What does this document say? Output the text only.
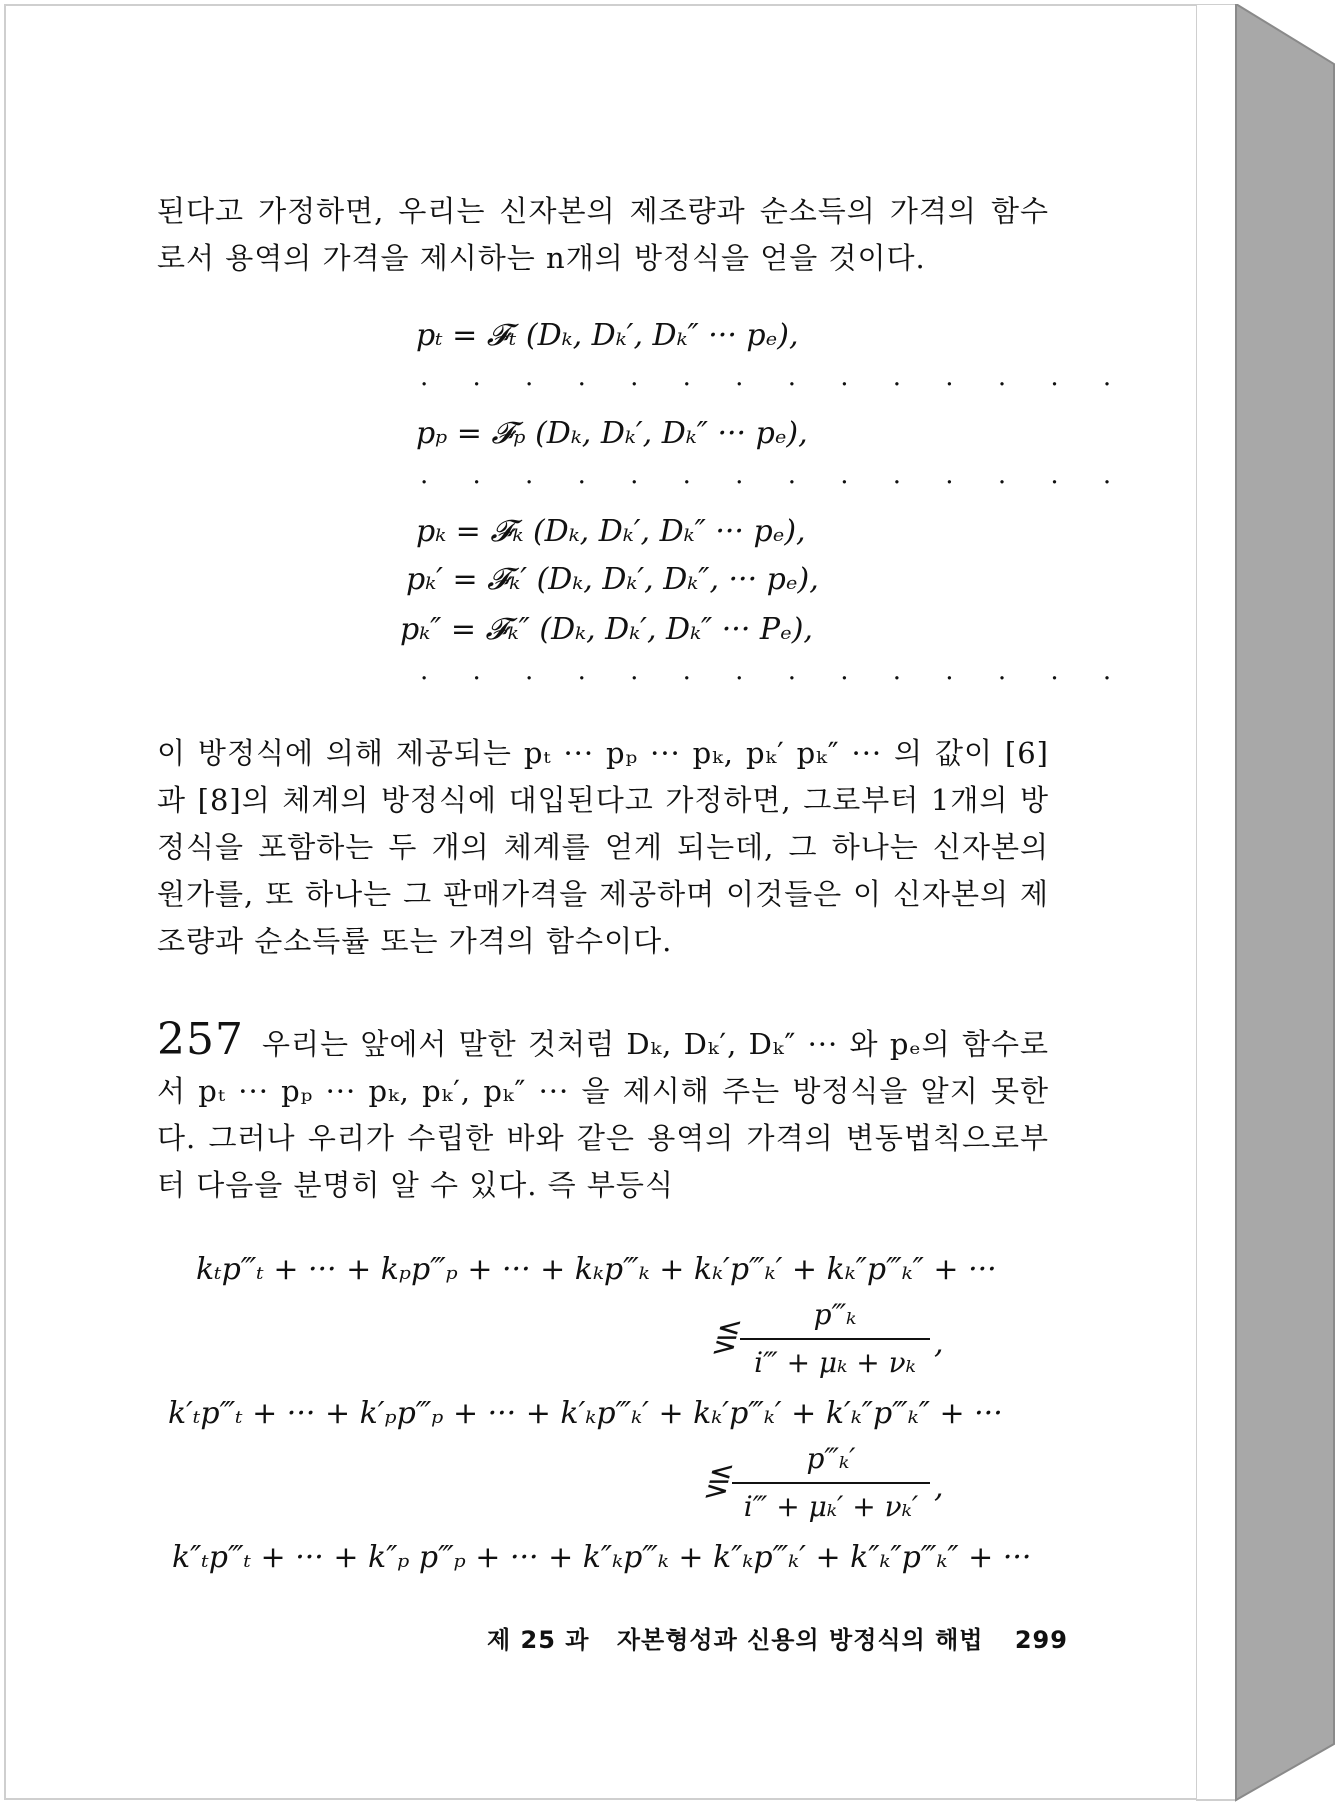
된다고 가정하면, 우리는 신자본의 제조량과 순소득의 가격의 함수로서 용역의 가격을 제시하는 n개의 방정식을 얻을 것이다.
pₜ = 𝓕ₜ (Dₖ, Dₖ′, Dₖ″ ··· pₑ),
. . . . . . . . . . . . . .
pₚ = 𝓕ₚ (Dₖ, Dₖ′, Dₖ″ ··· pₑ),
. . . . . . . . . . . . . .
pₖ = 𝓕ₖ (Dₖ, Dₖ′, Dₖ″ ··· pₑ),
pₖ′ = 𝓕ₖ′ (Dₖ, Dₖ′, Dₖ″, ··· pₑ),
pₖ″ = 𝓕ₖ″ (Dₖ, Dₖ′, Dₖ″ ··· Pₑ),
. . . . . . . . . . . . . .
이 방정식에 의해 제공되는 pₜ ··· pₚ ··· pₖ, pₖ′ pₖ″ ··· 의 값이 [6]과 [8]의 체계의 방정식에 대입된다고 가정하면, 그로부터 1개의 방정식을 포함하는 두 개의 체계를 얻게 되는데, 그 하나는 신자본의 원가를, 또 하나는 그 판매가격을 제공하며 이것들은 이 신자본의 제조량과 순소득률 또는 가격의 함수이다.
257 우리는 앞에서 말한 것처럼 Dₖ, Dₖ′, Dₖ″ ··· 와 pₑ의 함수로서 pₜ ··· pₚ ··· pₖ, pₖ′, pₖ″ ··· 을 제시해 주는 방정식을 알지 못한다. 그러나 우리가 수립한 바와 같은 용역의 가격의 변동법칙으로부터 다음을 분명히 알 수 있다. 즉 부등식
kₜp‴ₜ + ··· + kₚp‴ₚ + ··· + kₖp‴ₖ + kₖ′p‴ₖ′ + kₖ″p‴ₖ″ + ···
⋚
p‴ₖ
i‴ + μₖ + νₖ
,
k′ₜp‴ₜ + ··· + k′ₚp‴ₚ + ··· + k′ₖp‴ₖ′ + kₖ′p‴ₖ′ + k′ₖ″p‴ₖ″ + ···
⋚
p‴ₖ′
i‴ + μₖ′ + νₖ′
,
k″ₜp‴ₜ + ··· + k″ₚ p‴ₚ + ··· + k″ₖp‴ₖ + k″ₖp‴ₖ′ + k″ₖ″p‴ₖ″ + ···
제 25 과 자본형성과 신용의 방정식의 해법 299
